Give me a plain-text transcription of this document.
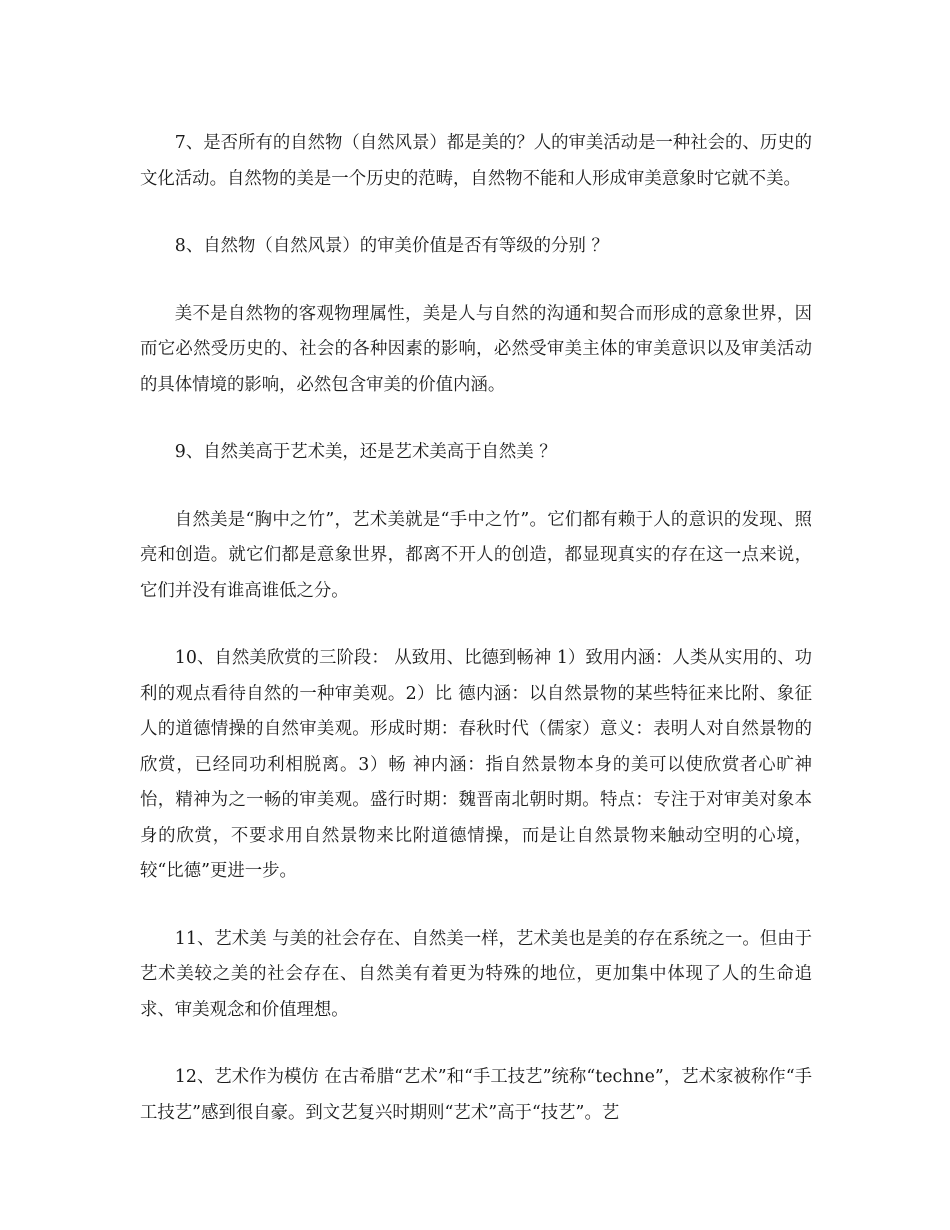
7、是否所有的自然物（自然风景）都是美的？人的审美活动是一种社会的、历史的文化活动。自然物的美是一个历史的范畴，自然物不能和人形成审美意象时它就不美。

8、自然物（自然风景）的审美价值是否有等级的分别 ？

美不是自然物的客观物理属性，美是人与自然的沟通和契合而形成的意象世界，因而它必然受历史的、社会的各种因素的影响，必然受审美主体的审美意识以及审美活动的具体情境的影响，必然包含审美的价值内涵。

9、自然美高于艺术美，还是艺术美高于自然美 ？

自然美是“胸中之竹”，艺术美就是“手中之竹”。它们都有赖于人的意识的发现、照亮和创造。就它们都是意象世界，都离不开人的创造，都显现真实的存在这一点来说，它们并没有谁高谁低之分。

10、自然美欣赏的三阶段： 从致用、比德到畅神 1）致用内涵：人类从实用的、功利的观点看待自然的一种审美观。2）比 德内涵：以自然景物的某些特征来比附、象征人的道德情操的自然审美观。形成时期：春秋时代（儒家）意义：表明人对自然景物的欣赏，已经同功利相脱离。3）畅 神内涵：指自然景物本身的美可以使欣赏者心旷神怡，精神为之一畅的审美观。盛行时期：魏晋南北朝时期。特点：专注于对审美对象本身的欣赏，不要求用自然景物来比附道德情操，而是让自然景物来触动空明的心境，较“比德”更进一步。

11、艺术美 与美的社会存在、自然美一样，艺术美也是美的存在系统之一。但由于艺术美较之美的社会存在、自然美有着更为特殊的地位，更加集中体现了人的生命追求、审美观念和价值理想。

12、艺术作为模仿 在古希腊“艺术”和“手工技艺”统称“techne”，艺术家被称作“手工技艺”感到很自豪。到文艺复兴时期则“艺术”高于“技艺”。艺
